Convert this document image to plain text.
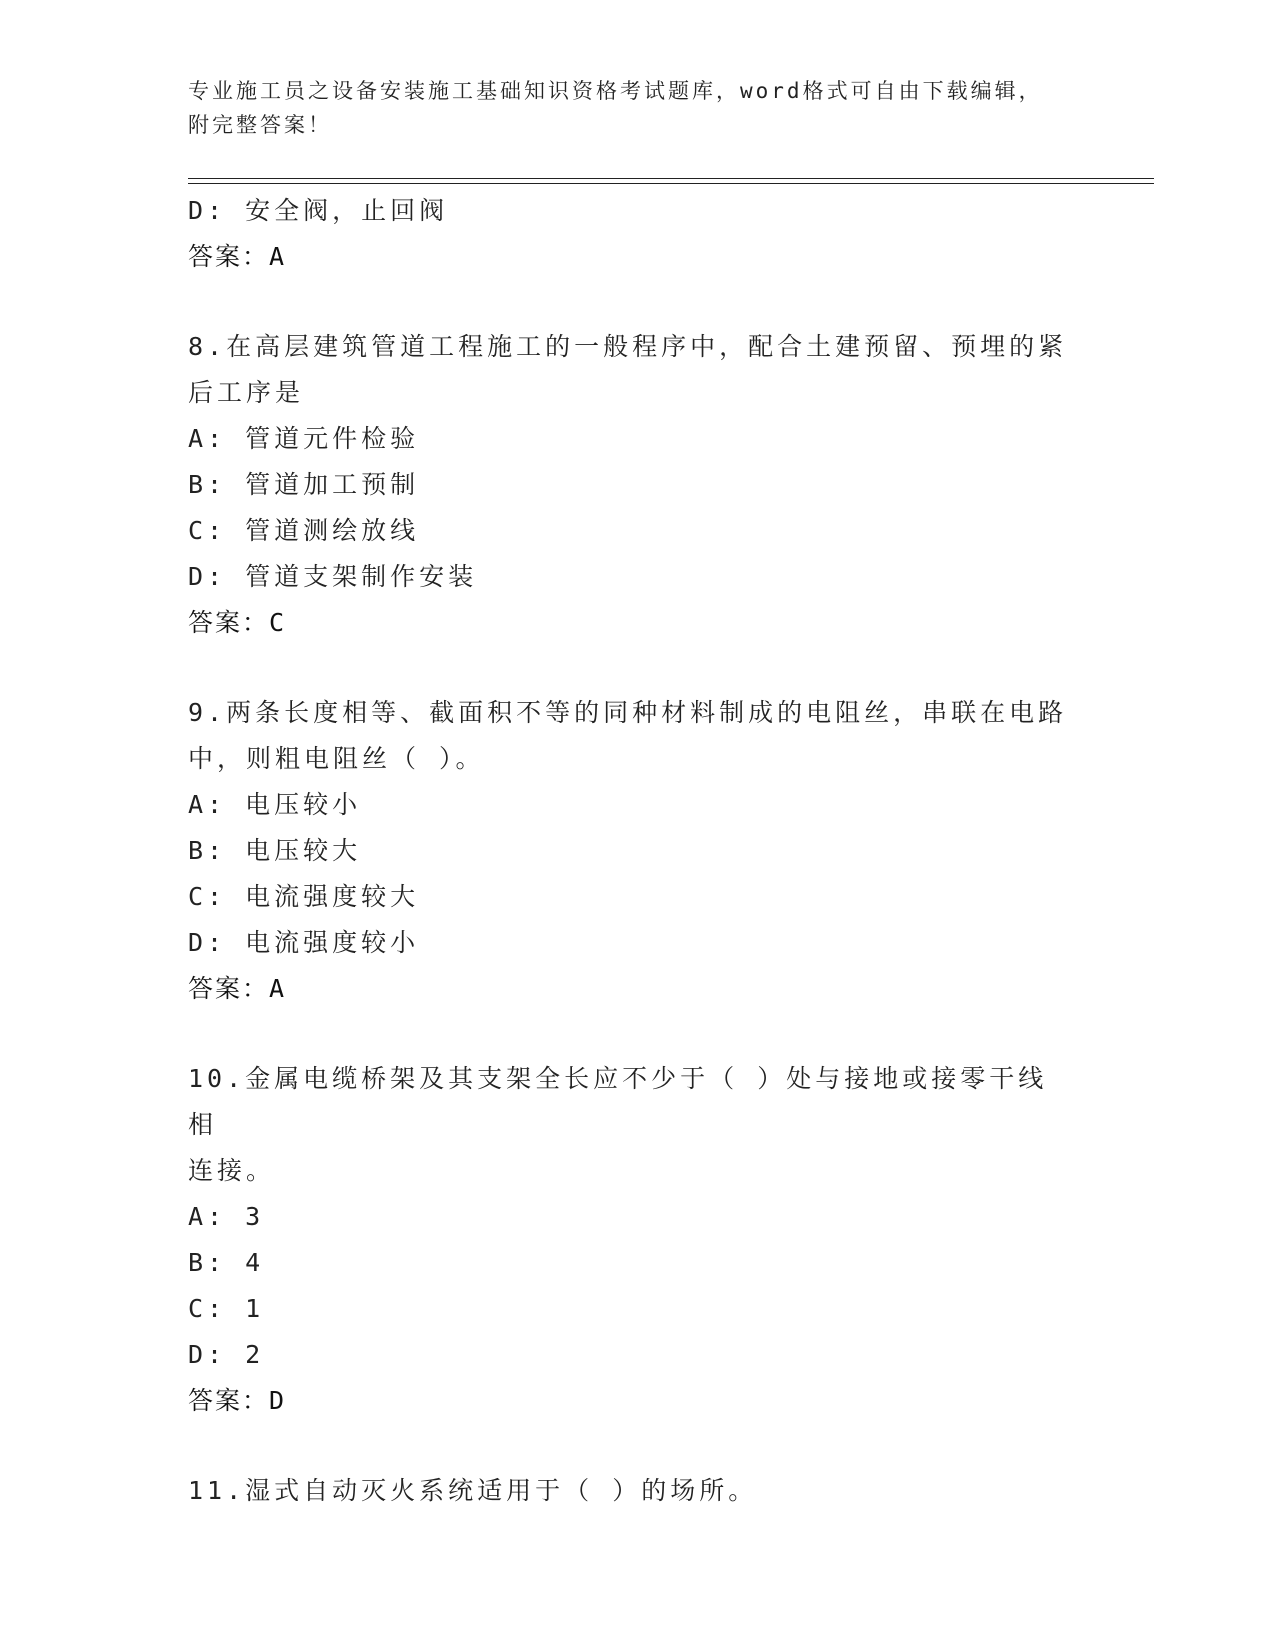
专业施工员之设备安装施工基础知识资格考试题库，word格式可自由下载编辑，
附完整答案！
D: 安全阀，止回阀
答案：A
8.在高层建筑管道工程施工的一般程序中，配合土建预留、预埋的紧
后工序是
A: 管道元件检验
B: 管道加工预制
C: 管道测绘放线
D: 管道支架制作安装
答案：C
9.两条长度相等、截面积不等的同种材料制成的电阻丝，串联在电路
中，则粗电阻丝（ ）。
A: 电压较小
B: 电压较大
C: 电流强度较大
D: 电流强度较小
答案：A
10.金属电缆桥架及其支架全长应不少于（ ）处与接地或接零干线相
连接。
A: 3
B: 4
C: 1
D: 2
答案：D
11.湿式自动灭火系统适用于（ ）的场所。
